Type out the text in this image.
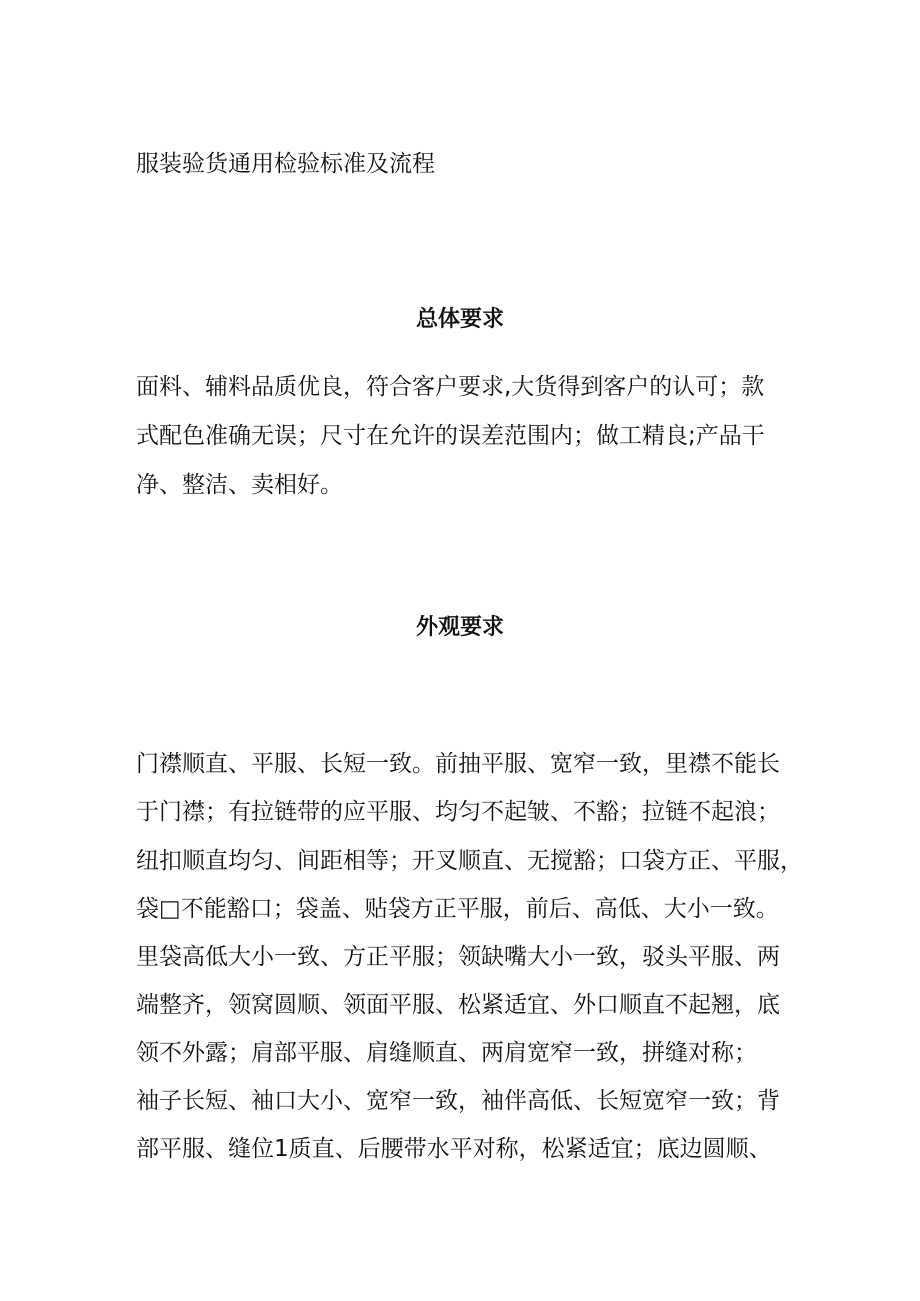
服装验货通用检验标准及流程
总体要求
面料、辅料品质优良，符合客户要求,大货得到客户的认可；款
式配色准确无误；尺寸在允许的误差范围内；做工精良;产品干
净、整洁、卖相好。
外观要求
门襟顺直、平服、长短一致。前抽平服、宽窄一致，里襟不能长
于门襟；有拉链带的应平服、均匀不起皱、不豁；拉链不起浪；
纽扣顺直均匀、间距相等；开叉顺直、无搅豁；口袋方正、平服，
袋□不能豁口；袋盖、贴袋方正平服，前后、高低、大小一致。
里袋高低大小一致、方正平服；领缺嘴大小一致，驳头平服、两
端整齐，领窝圆顺、领面平服、松紧适宜、外口顺直不起翘，底
领不外露；肩部平服、肩缝顺直、两肩宽窄一致，拼缝对称；
袖子长短、袖口大小、宽窄一致，袖伴高低、长短宽窄一致；背
部平服、缝位1质直、后腰带水平对称，松紧适宜；底边圆顺、
